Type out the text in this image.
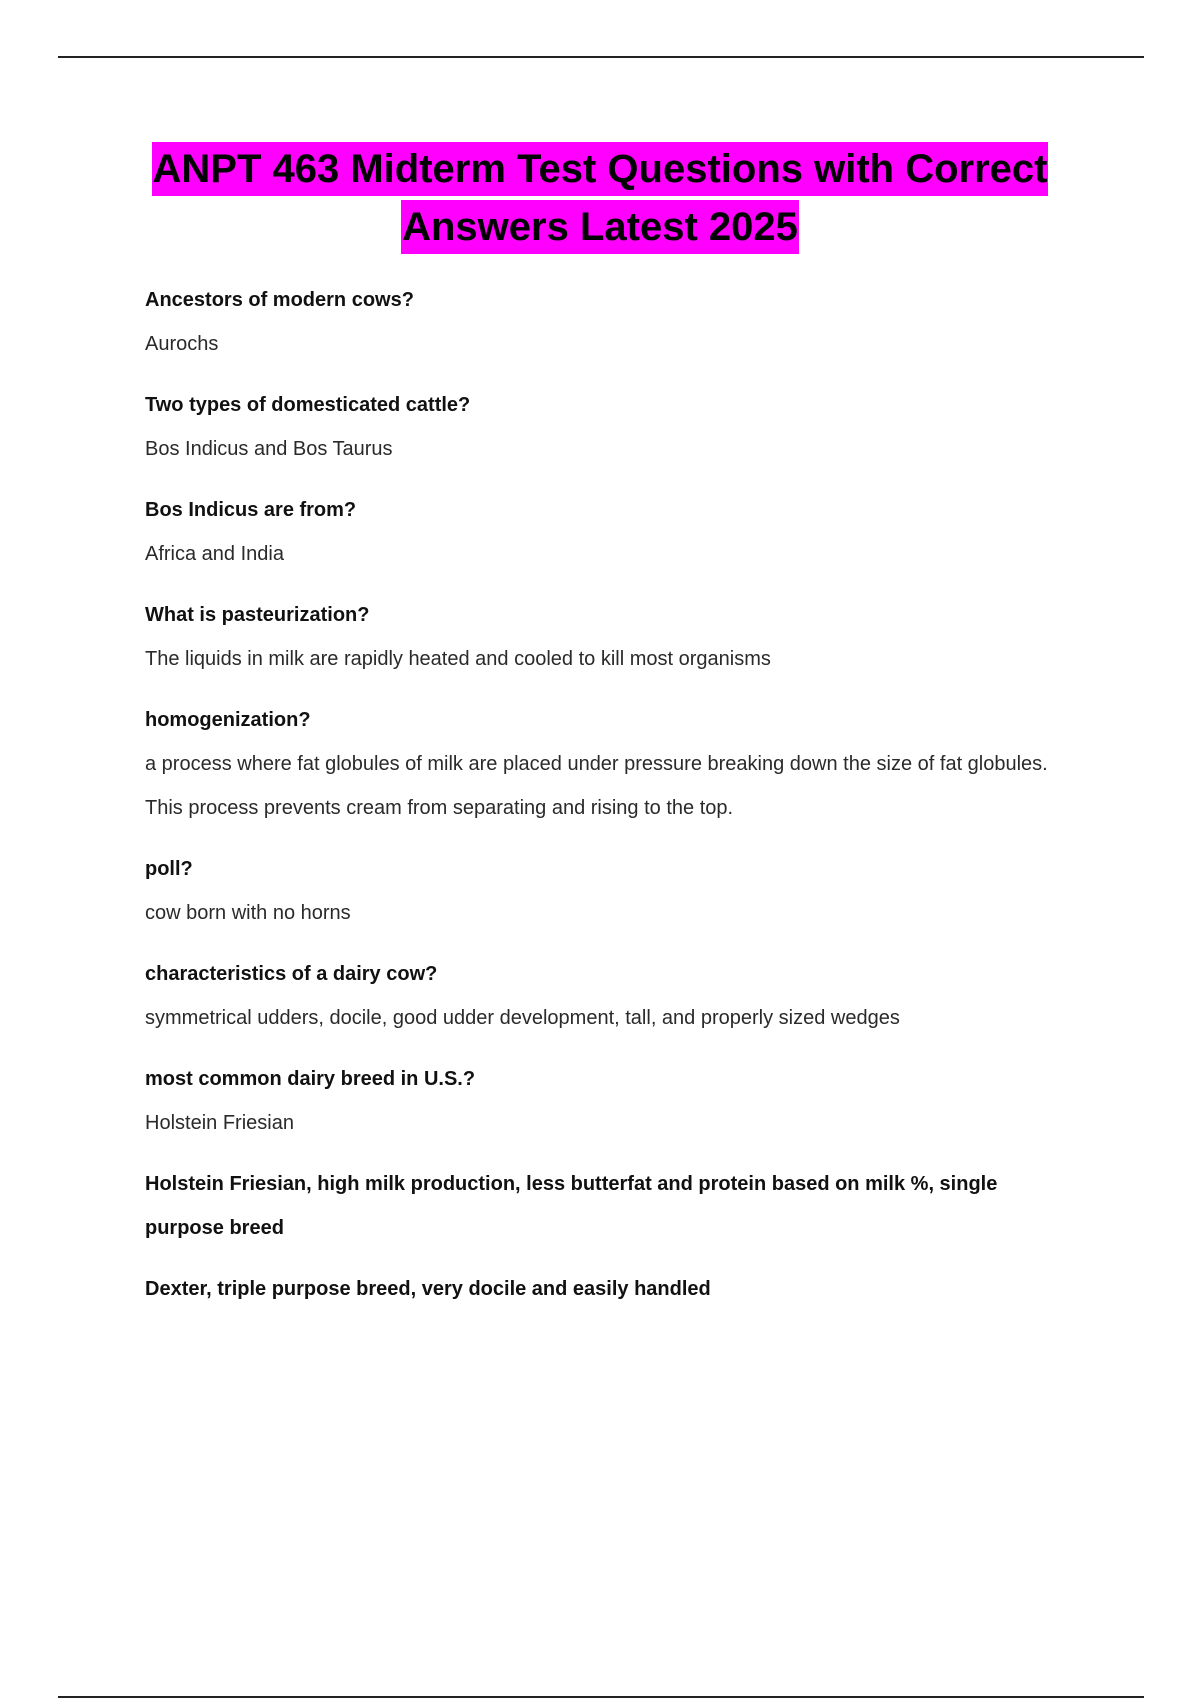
ANPT 463 Midterm Test Questions with Correct
Answers Latest 2025

Ancestors of modern cows?

Aurochs

Two types of domesticated cattle?

Bos Indicus and Bos Taurus

Bos Indicus are from?

Africa and India

What is pasteurization?

The liquids in milk are rapidly heated and cooled to kill most organisms

homogenization?

a process where fat globules of milk are placed under pressure breaking down the size of fat globules. This process prevents cream from separating and rising to the top.

poll?

cow born with no horns

characteristics of a dairy cow?

symmetrical udders, docile, good udder development, tall, and properly sized wedges

most common dairy breed in U.S.?

Holstein Friesian

Holstein Friesian, high milk production, less butterfat and protein based on milk %, single purpose breed

Dexter, triple purpose breed, very docile and easily handled
